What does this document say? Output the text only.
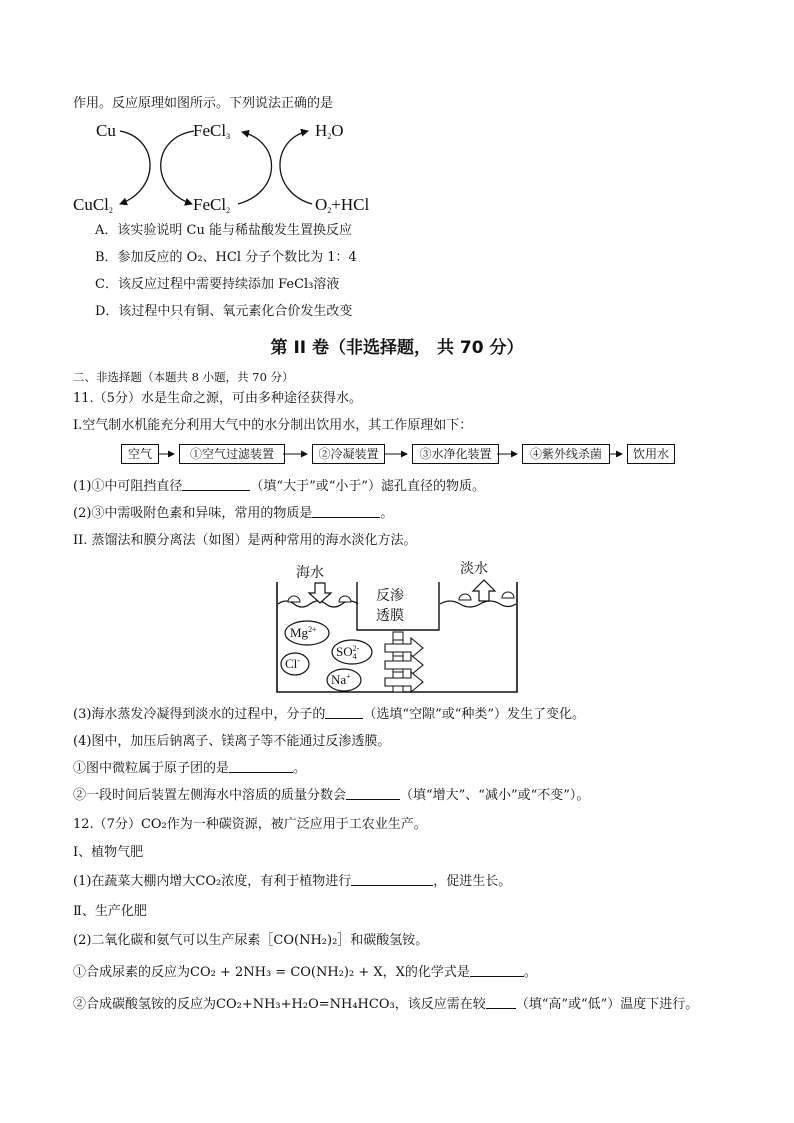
作用。反应原理如图所示。下列说法正确的是
Cu	FeCl$_3$	$H_2O$
CuCl$_2$	FeCl$_2$	$O_2+HCl$
A．该实验说明 Cu 能与稀盐酸发生置换反应
B．参加反应的 O₂、HCl 分子个数比为 1：4
C．该反应过程中需要持续添加 FeCl₃溶液
D．该过程中只有铜、氧元素化合价发生改变
第 II 卷（非选择题， 共 70 分）
二、非选择题（本题共 8 小题，共 70 分）
11.（5分）水是生命之源，可由多种途径获得水。
I.空气制水机能充分利用大气中的水分制出饮用水，其工作原理如下：
空气	①空气过滤装置	②冷凝装置	③水净化装置	④紫外线杀菌	饮用水
(1)①中可阻挡直径	（填“大于”或“小于”）滤孔直径的物质。
(2)③中需吸附色素和异味，常用的物质是	。
II. 蒸馏法和膜分离法（如图）是两种常用的海水淡化方法。
海水	淡水
反渗
透膜
$Mg^{2+}$
$SO_4^{2-}$
Cl-
Na+
(3)海水蒸发冷凝得到淡水的过程中，分子的	（选填“空隙”或“种类”）发生了变化。
(4)图中，加压后钠离子、镁离子等不能通过反渗透膜。
①图中微粒属于原子团的是	。
②一段时间后装置左侧海水中溶质的质量分数会	（填“增大”、“减小”或“不变”）。
12.（7分）CO₂作为一种碳资源，被广泛应用于工农业生产。
Ⅰ、植物气肥
(1)在蔬菜大棚内增大CO₂浓度，有利于植物进行	，促进生长。
Ⅱ、生产化肥
(2)二氧化碳和氨气可以生产尿素［CO(NH₂)₂］和碳酸氢铵。
①合成尿素的反应为CO₂ + 2NH₃ = CO(NH₂)₂ + X，X的化学式是	。
②合成碳酸氢铵的反应为CO₂+NH₃+H₂O=NH₄HCO₃，该反应需在较 （填“高”或“低”）温度下进行。
